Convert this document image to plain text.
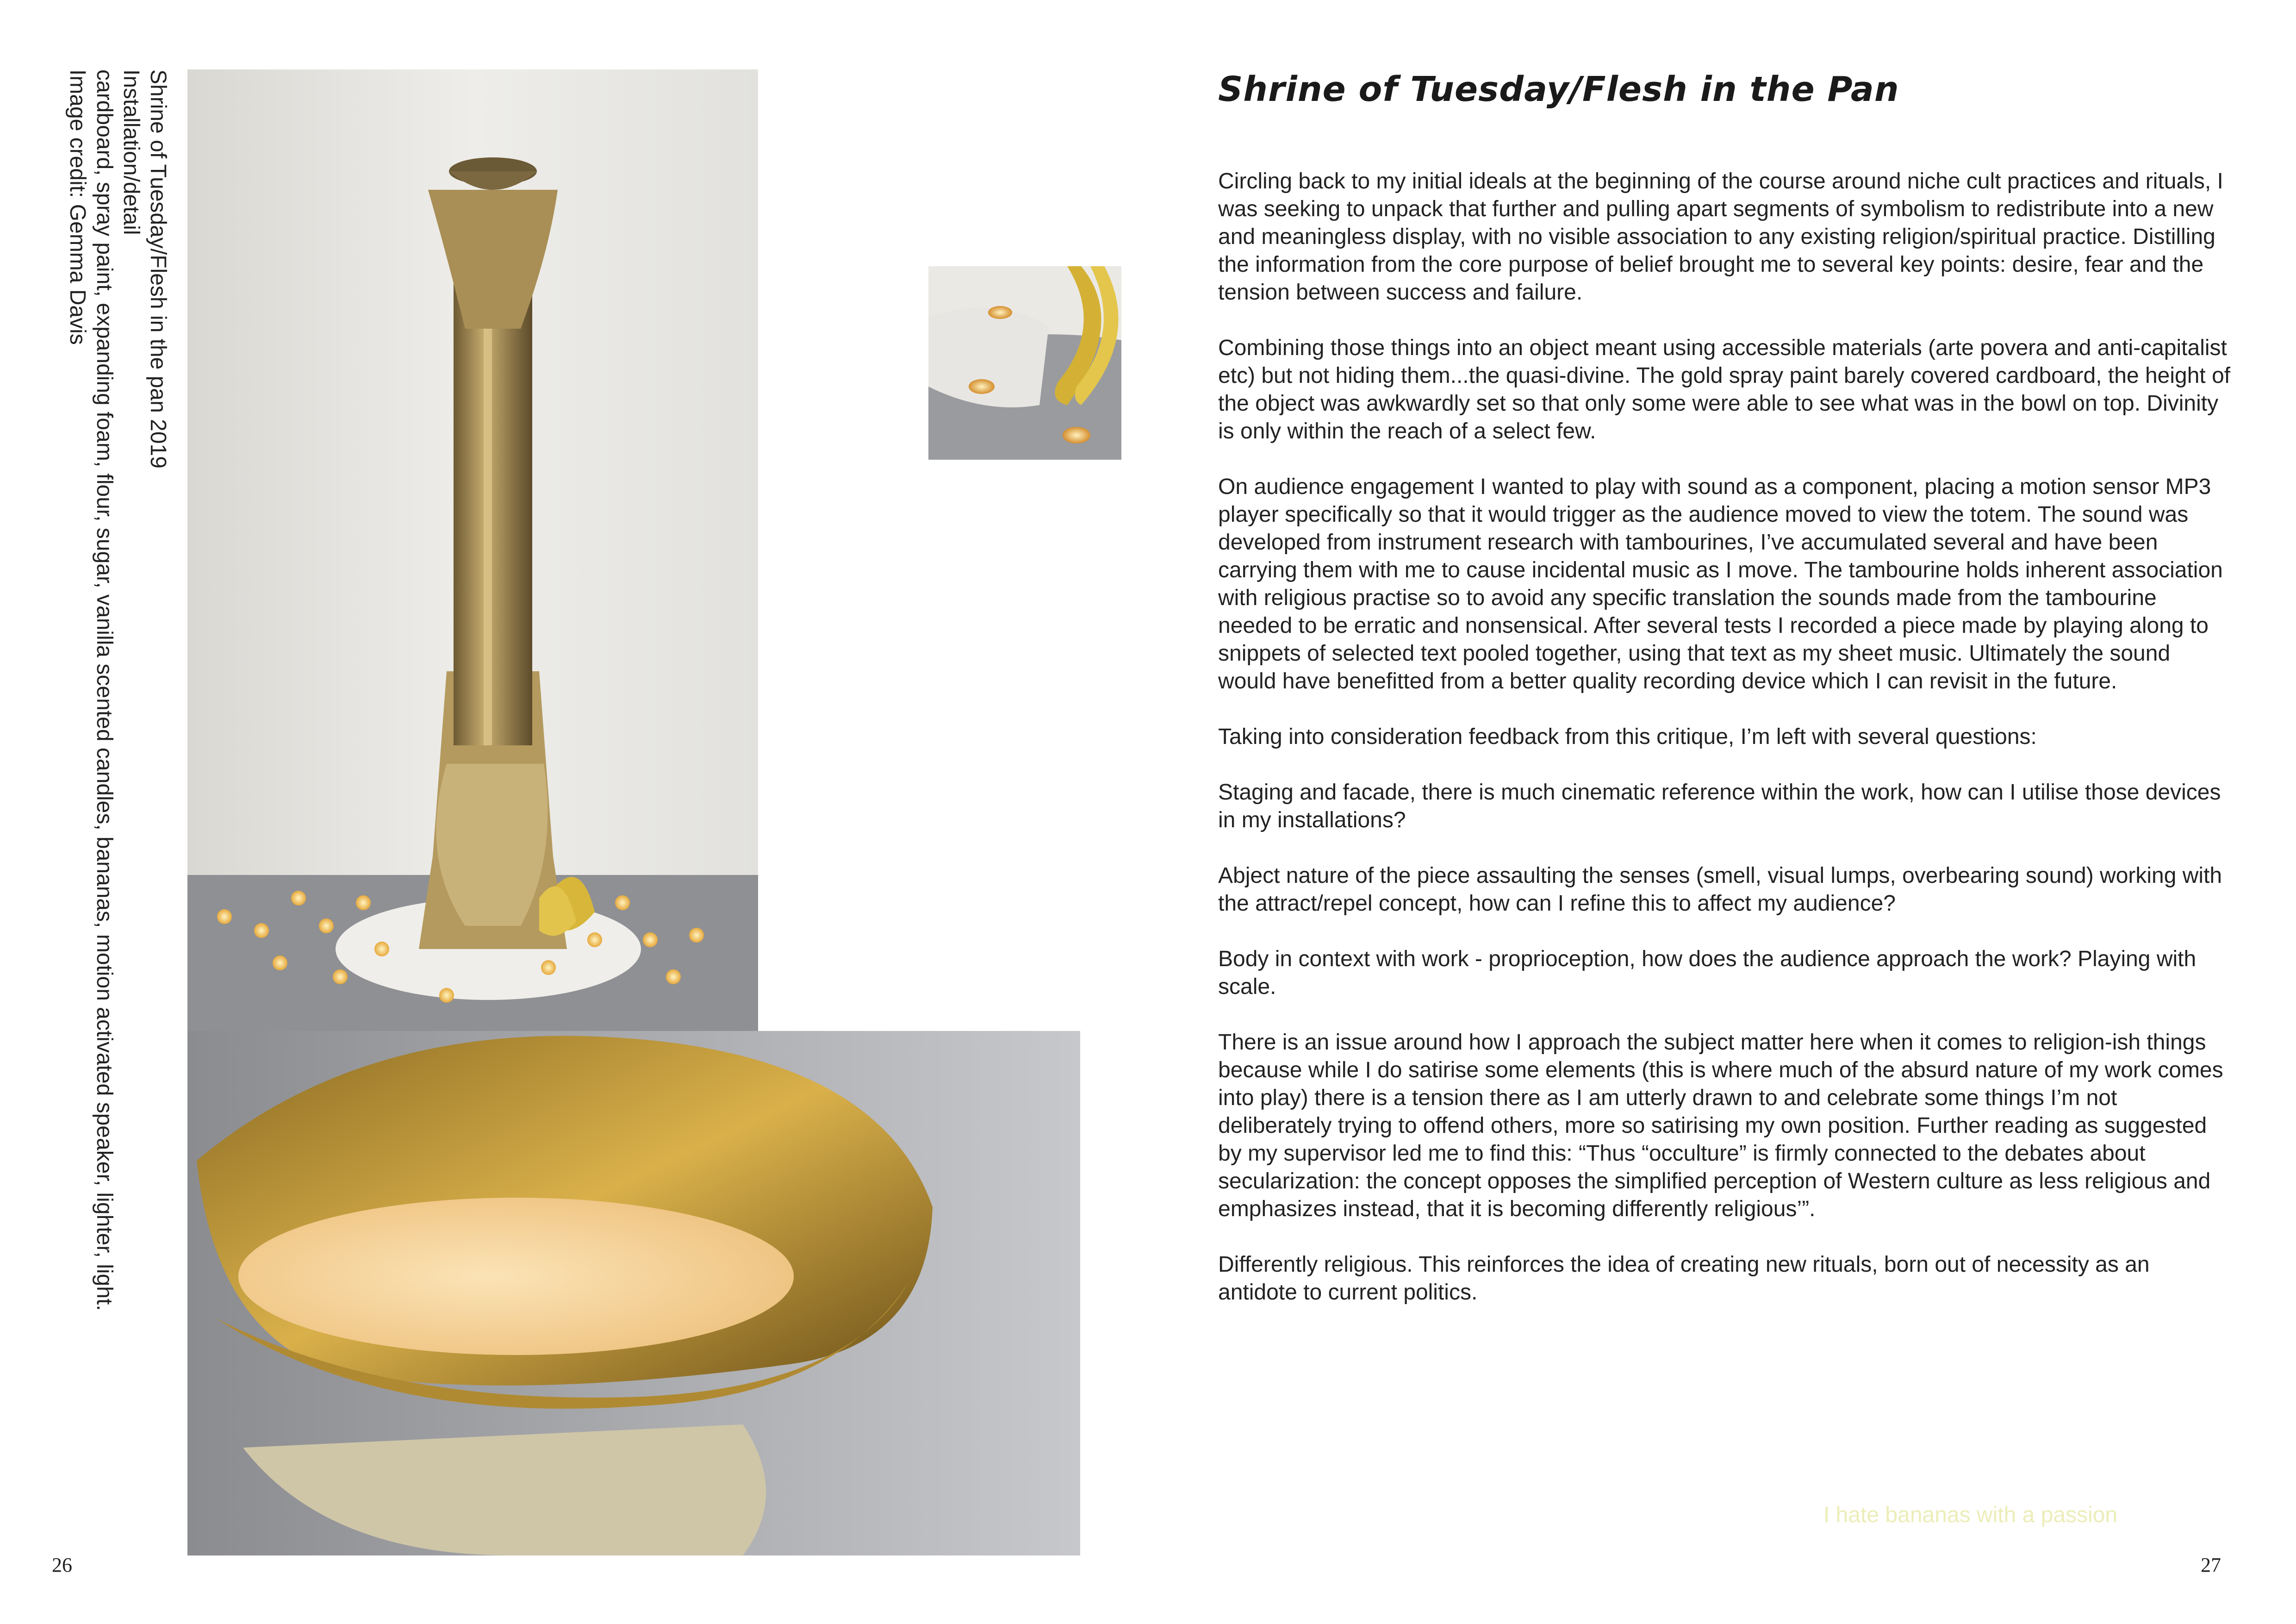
Shrine of Tuesday/Flesh in the pan 2019
Installation/detail
cardboard, spray paint, expanding foam, flour, sugar, vanilla scented candles, bananas, motion activated speaker, lighter, light.
Image credit: Gemma Davis	Shrine of Tuesday/Flesh in the Pan

Circling back to my initial ideals at the beginning of the course around niche cult practices and rituals, I was seeking to unpack that further and pulling apart segments of symbolism to redistribute into a new and meaningless display, with no visible association to any existing religion/spiritual practice. Distilling the information from the core purpose of belief brought me to several key points: desire, fear and the tension between success and failure.

Combining those things into an object meant using accessible materials (arte povera and anti-capitalist etc) but not hiding them...the quasi-divine. The gold spray paint barely covered cardboard, the height of the object was awkwardly set so that only some were able to see what was in the bowl on top. Divinity is only within the reach of a select few.

On audience engagement I wanted to play with sound as a component, placing a motion sensor MP3 player specifically so that it would trigger as the audience moved to view the totem. The sound was developed from instrument research with tambourines, I’ve accumulated several and have been carrying them with me to cause incidental music as I move. The tambourine holds inherent association with religious practise so to avoid any specific translation the sounds made from the tambourine needed to be erratic and nonsensical. After several tests I recorded a piece made by playing along to snippets of selected text pooled together, using that text as my sheet music. Ultimately the sound would have benefitted from a better quality recording device which I can revisit in the future.

Taking into consideration feedback from this critique, I’m left with several questions:

Staging and facade, there is much cinematic reference within the work, how can I utilise those devices in my installations?

Abject nature of the piece assaulting the senses (smell, visual lumps, overbearing sound) working with the attract/repel concept, how can I refine this to affect my audience?

Body in context with work - proprioception, how does the audience approach the work? Playing with scale.

There is an issue around how I approach the subject matter here when it comes to religion-ish things because while I do satirise some elements (this is where much of the absurd nature of my work comes into play) there is a tension there as I am utterly drawn to and celebrate some things I’m not deliberately trying to offend others, more so satirising my own position. Further reading as suggested by my supervisor led me to find this: “Thus “occulture” is firmly connected to the debates about secularization: the concept opposes the simplified perception of Western culture as less religious and emphasizes instead, that it is becoming differently religious’”.

Differently religious. This reinforces the idea of creating new rituals, born out of necessity as an antidote to current politics.

I hate bananas with a passion
26	27
